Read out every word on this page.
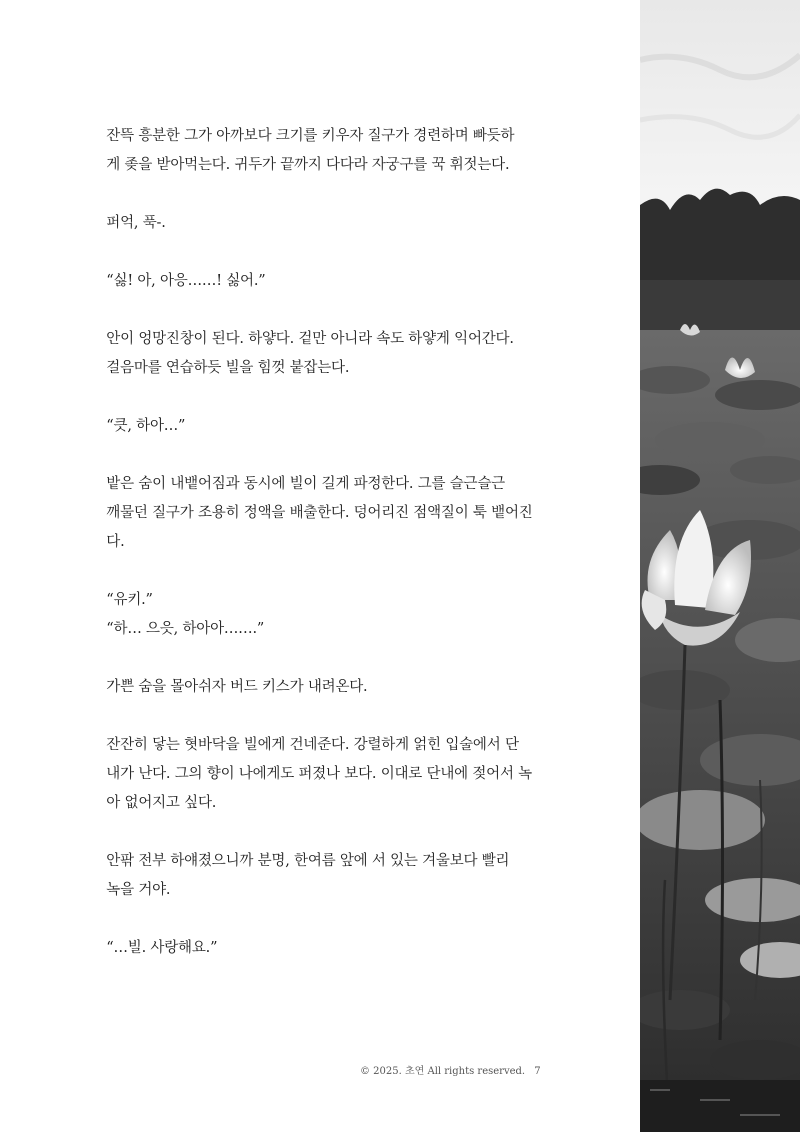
잔뜩 흥분한 그가 아까보다 크기를 키우자 질구가 경련하며 빠듯하
게 좆을 받아먹는다. 귀두가 끝까지 다다라 자궁구를 꾹 휘젓는다.

퍼억, 푹-.

“싫! 아, 아응……! 싫어.”

안이 엉망진창이 된다. 하얗다. 겉만 아니라 속도 하얗게 익어간다.
걸음마를 연습하듯 빌을 힘껏 붙잡는다.

“큿, 하아…”

밭은 숨이 내뱉어짐과 동시에 빌이 길게 파정한다. 그를 슬근슬근
깨물던 질구가 조용히 정액을 배출한다. 덩어리진 점액질이 툭 뱉어진
다.

“유키.”

“하… 으읏, 하아아…….”

가쁜 숨을 몰아쉬자 버드 키스가 내려온다.

잔잔히 닿는 혓바닥을 빌에게 건네준다. 강렬하게 얽힌 입술에서 단
내가 난다. 그의 향이 나에게도 퍼졌나 보다. 이대로 단내에 젖어서 녹
아 없어지고 싶다.

안팎 전부 하얘졌으니까 분명, 한여름 앞에 서 있는 겨울보다 빨리
녹을 거야.

“…빌. 사랑해요.”

© 2025. 초연 All rights reserved. 7
